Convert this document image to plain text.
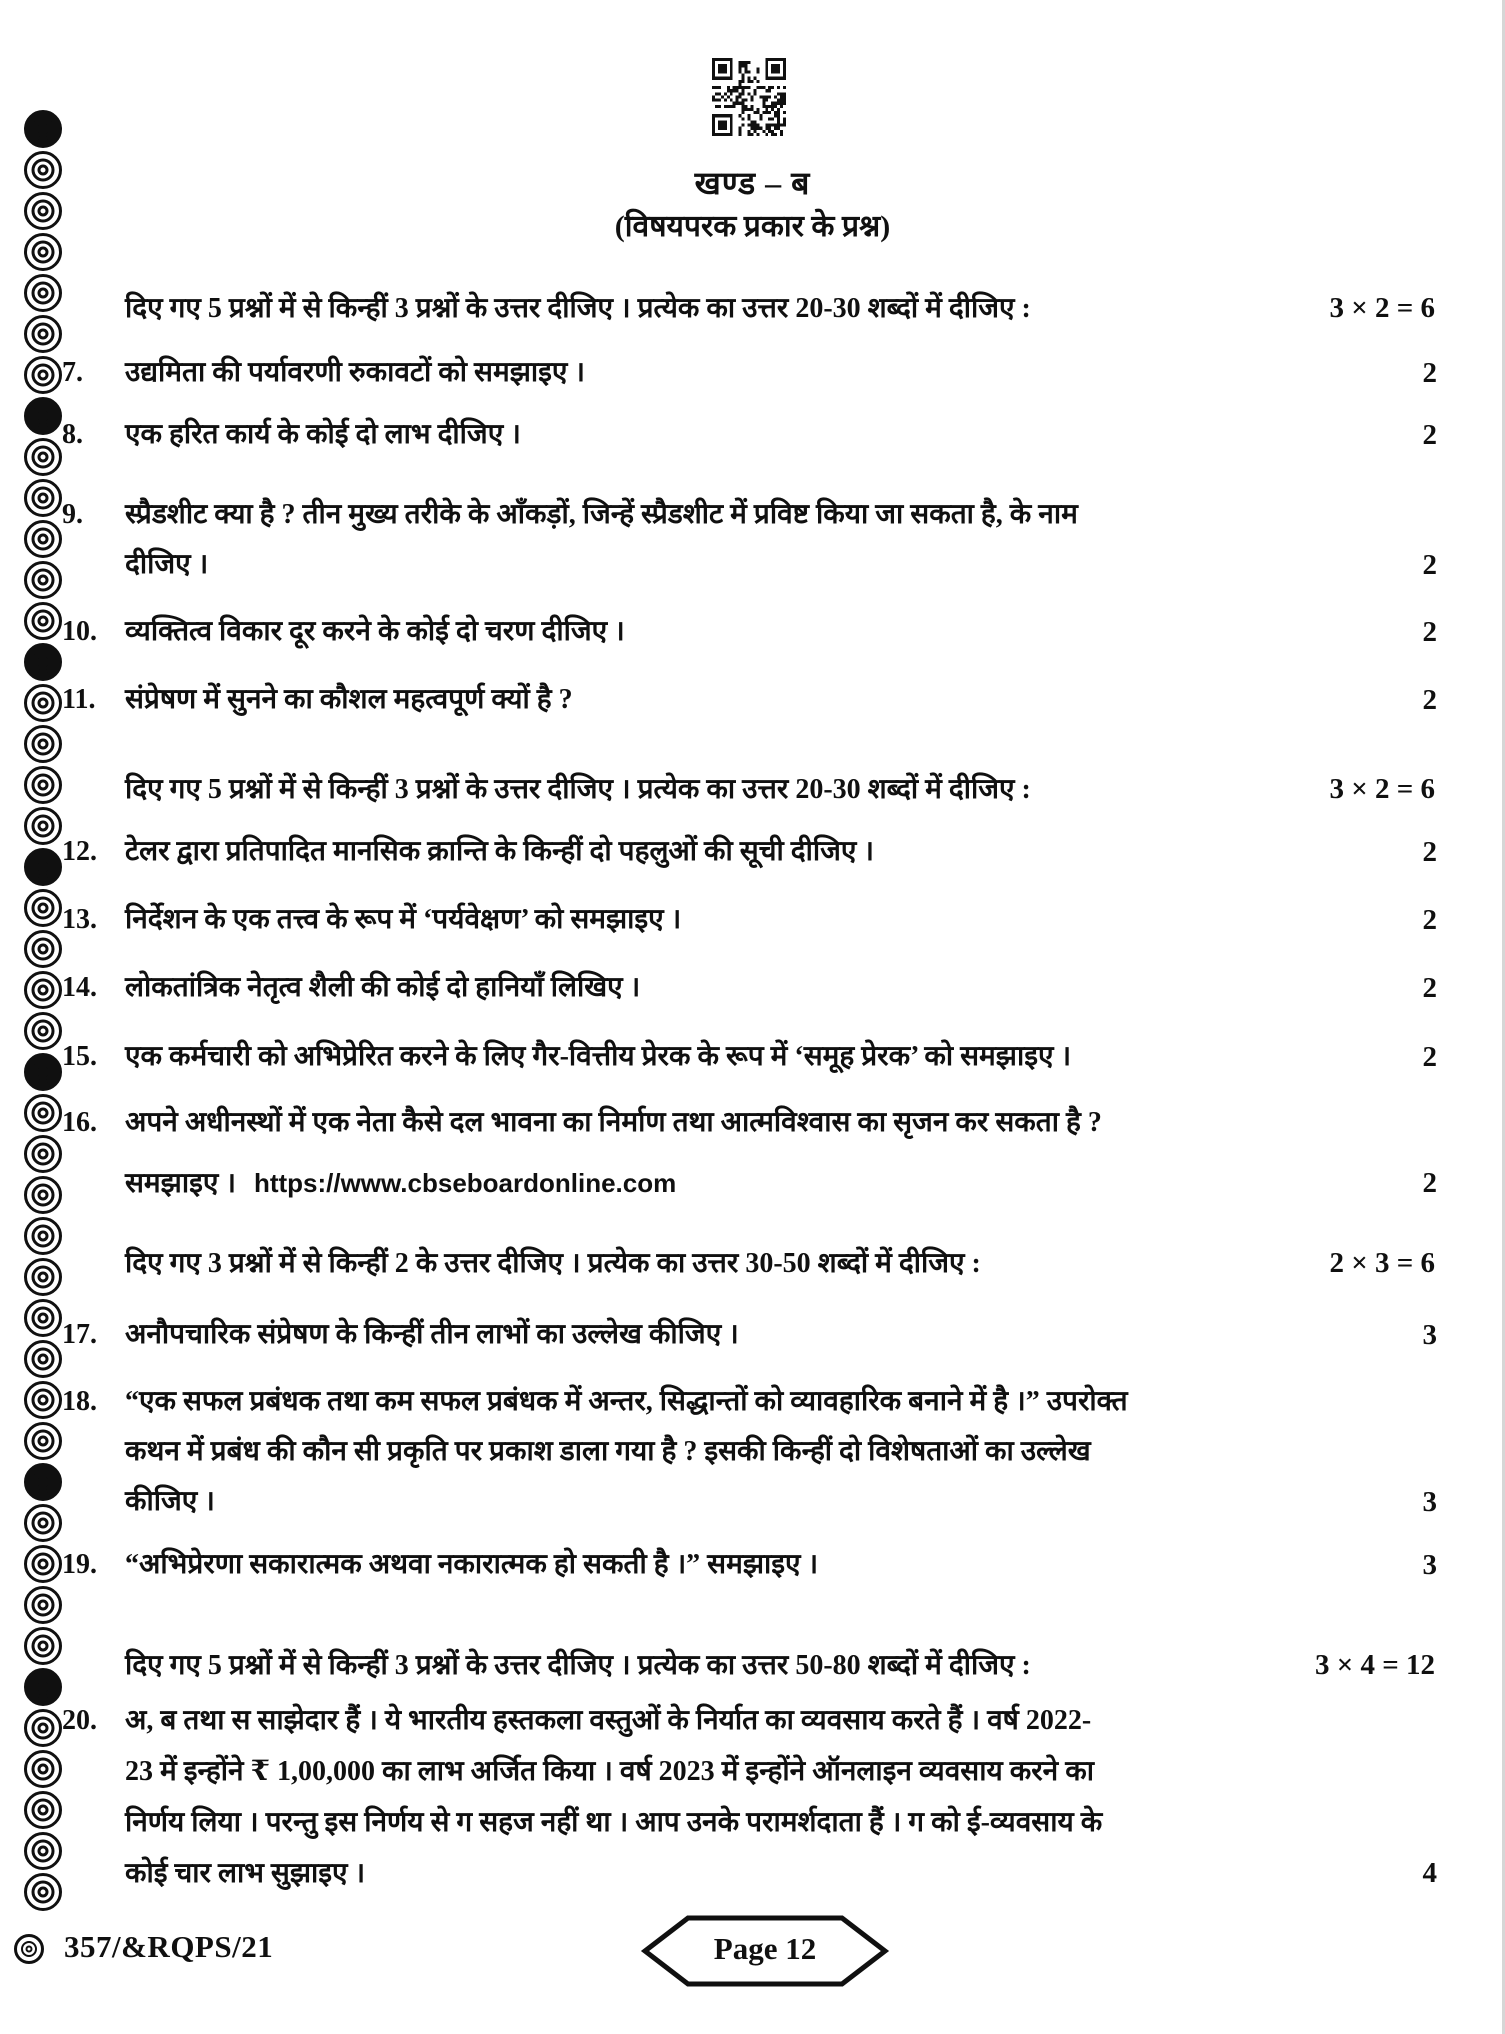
खण्ड – ब
(विषयपरक प्रकार के प्रश्न)
दिए गए 5 प्रश्नों में से किन्हीं 3 प्रश्नों के उत्तर दीजिए । प्रत्येक का उत्तर 20-30 शब्दों में दीजिए :	3 × 2 = 6
7. उद्यमिता की पर्यावरणी रुकावटों को समझाइए ।	2
8. एक हरित कार्य के कोई दो लाभ दीजिए ।	2
9. स्प्रैडशीट क्या है ? तीन मुख्य तरीके के आँकड़ों, जिन्हें स्प्रैडशीट में प्रविष्ट किया जा सकता है, के नाम
दीजिए ।	2
10. व्यक्तित्व विकार दूर करने के कोई दो चरण दीजिए ।	2
11. संप्रेषण में सुनने का कौशल महत्वपूर्ण क्यों है ?	2
दिए गए 5 प्रश्नों में से किन्हीं 3 प्रश्नों के उत्तर दीजिए । प्रत्येक का उत्तर 20-30 शब्दों में दीजिए :	3 × 2 = 6
12. टेलर द्वारा प्रतिपादित मानसिक क्रान्ति के किन्हीं दो पहलुओं की सूची दीजिए ।	2
13. निर्देशन के एक तत्त्व के रूप में ‘पर्यवेक्षण’ को समझाइए ।	2
14. लोकतांत्रिक नेतृत्व शैली की कोई दो हानियाँ लिखिए ।	2
15. एक कर्मचारी को अभिप्रेरित करने के लिए गैर-वित्तीय प्रेरक के रूप में ‘समूह प्रेरक’ को समझाइए ।	2
16. अपने अधीनस्थों में एक नेता कैसे दल भावना का निर्माण तथा आत्मविश्वास का सृजन कर सकता है ?
समझाइए । https://www.cbseboardonline.com	2
दिए गए 3 प्रश्नों में से किन्हीं 2 के उत्तर दीजिए । प्रत्येक का उत्तर 30-50 शब्दों में दीजिए :	2 × 3 = 6
17. अनौपचारिक संप्रेषण के किन्हीं तीन लाभों का उल्लेख कीजिए ।	3
18. “एक सफल प्रबंधक तथा कम सफल प्रबंधक में अन्तर, सिद्धान्तों को व्यावहारिक बनाने में है ।” उपरोक्त
कथन में प्रबंध की कौन सी प्रकृति पर प्रकाश डाला गया है ? इसकी किन्हीं दो विशेषताओं का उल्लेख
कीजिए ।	3
19. “अभिप्रेरणा सकारात्मक अथवा नकारात्मक हो सकती है ।” समझाइए ।	3
दिए गए 5 प्रश्नों में से किन्हीं 3 प्रश्नों के उत्तर दीजिए । प्रत्येक का उत्तर 50-80 शब्दों में दीजिए :	3 × 4 = 12
20. अ, ब तथा स साझेदार हैं । ये भारतीय हस्तकला वस्तुओं के निर्यात का व्यवसाय करते हैं । वर्ष 2022-
23 में इन्होंने ₹ 1,00,000 का लाभ अर्जित किया । वर्ष 2023 में इन्होंने ऑनलाइन व्यवसाय करने का
निर्णय लिया । परन्तु इस निर्णय से ग सहज नहीं था । आप उनके परामर्शदाता हैं । ग को ई-व्यवसाय के
कोई चार लाभ सुझाइए ।	4
357/&RQPS/21	Page 12
